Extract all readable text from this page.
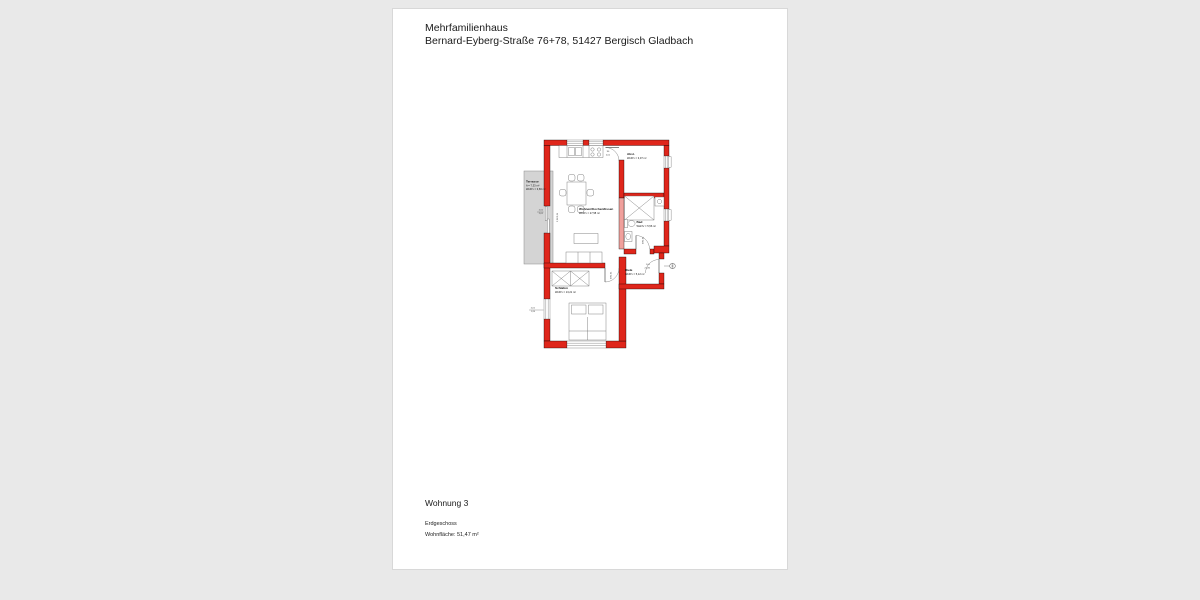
Mehrfamilienhaus
Bernard-Eyberg-Straße 76+78, 51427 Bergisch Gladbach
Wohnen/Kochen/Essen
WoFl'v = 27,58 m²
Abst.
WoFl'v = 3,07 m²
Bad
WoFl'v = 5,56 m²
Diele
WoFl'v = 5,12 m²
Schlafen
WoFl'v = 13,21 m²
Terrasse
A = 7,33 m²
WoFl'v = 3,66 m²
90
2,01
2,51
2,01	2,51/2,01
2,01
1,26
90/2,01
90/2,01
1,01
2,135
Wohnung 3
Erdgeschoss
Wohnfläche: 51,47 m²
